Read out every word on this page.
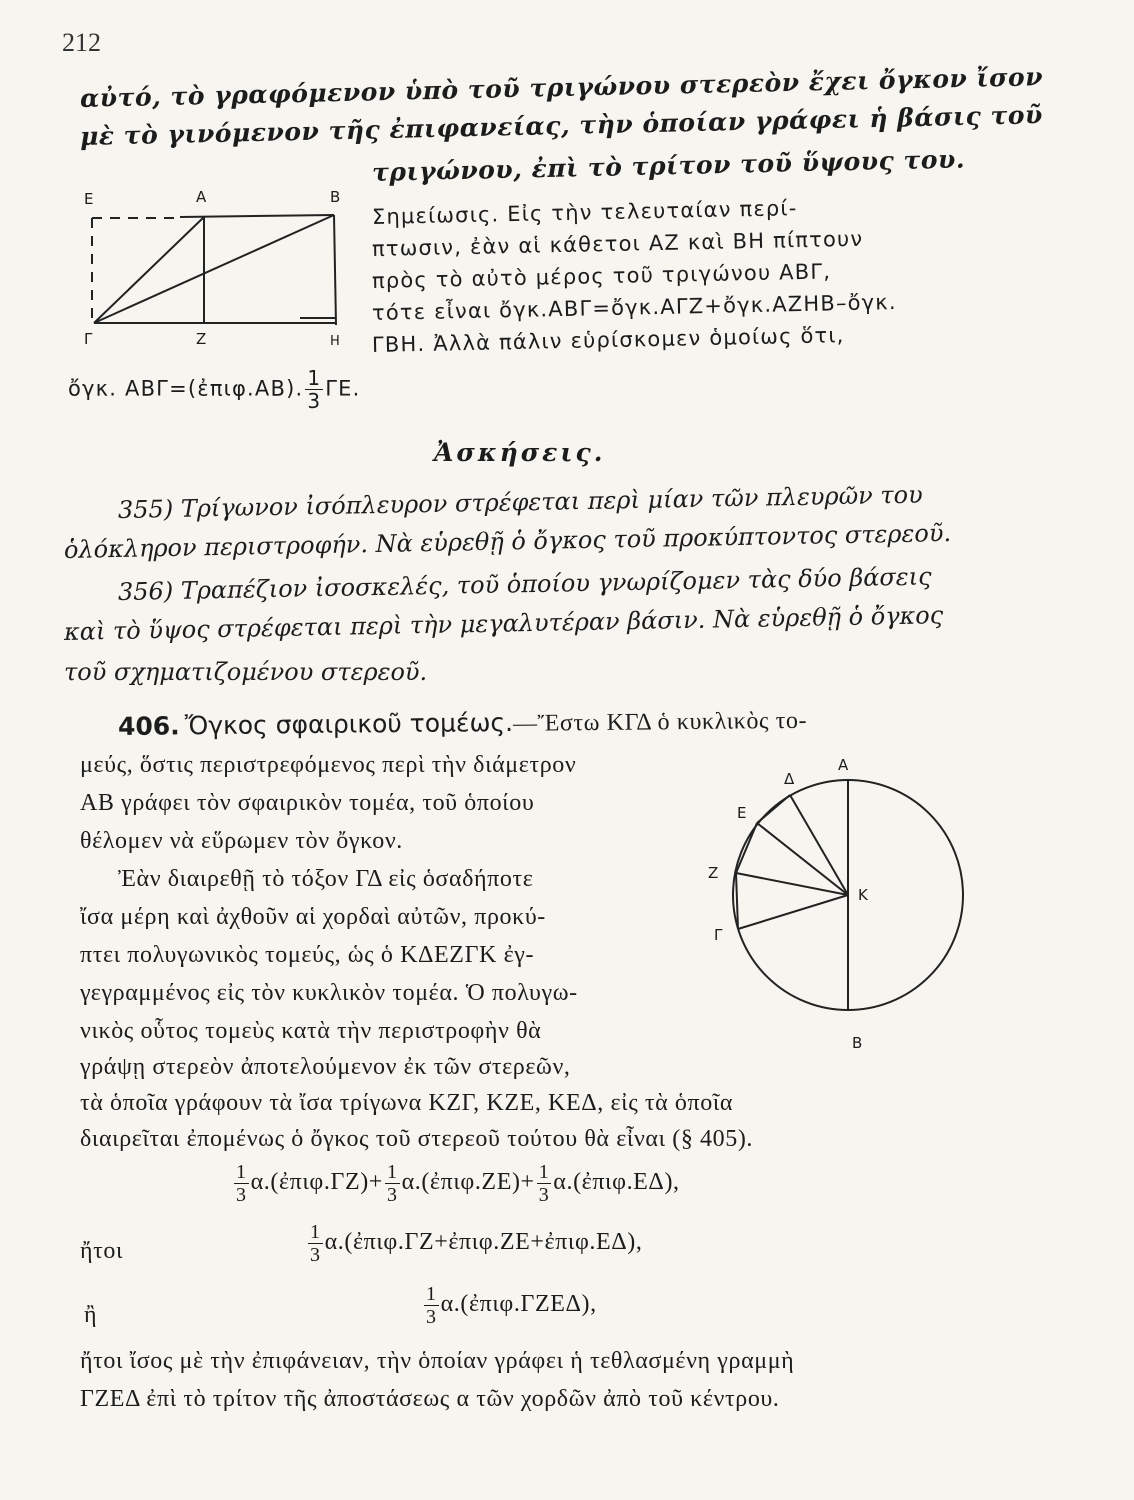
212
αὐτό, τὸ γραφόμενον ὑπὸ τοῦ τριγώνου στερεὸν ἔχει ὄγκον ἴσον
μὲ τὸ γινόμενον τῆς ἐπιφανείας, τὴν ὁποίαν γράφει ἡ βάσις τοῦ
τριγώνου, ἐπὶ τὸ τρίτον τοῦ ὕψους του.
E	A	B
Γ	Z	H
Σημείωσις. Εἰς τὴν τελευταίαν περί-
πτωσιν, ἐὰν αἱ κάθετοι ΑΖ καὶ ΒΗ πίπτουν
πρὸς τὸ αὐτὸ μέρος τοῦ τριγώνου ΑΒΓ,
τότε εἶναι ὄγκ.ΑΒΓ=ὄγκ.ΑΓΖ+ὄγκ.ΑΖΗΒ–ὄγκ.
ΓΒΗ. Ἀλλὰ πάλιν εὑρίσκομεν ὁμοίως ὅτι,
ὄγκ. ΑΒΓ=(ἐπιφ.ΑΒ). $\frac{1}{3} \Gamma E$.
Ἀσκήσεις.
355) Τρίγωνον ἰσόπλευρον στρέφεται περὶ μίαν τῶν πλευρῶν του
ὁλόκληρον περιστροφήν. Νὰ εὑρεθῇ ὁ ὄγκος τοῦ προκύπτοντος στερεοῦ.
356) Τραπέζιον ἰσοσκελές, τοῦ ὁποίου γνωρίζομεν τὰς δύο βάσεις
καὶ τὸ ὕψος στρέφεται περὶ τὴν μεγαλυτέραν βάσιν. Νὰ εὑρεθῇ ὁ ὄγκος
τοῦ σχηματιζομένου στερεοῦ.
406. Ὄγκος σφαιρικοῦ τομέως.—Ἔστω ΚΓΔ ὁ κυκλικὸς το-
μεύς, ὅστις περιστρεφόμενος περὶ τὴν διάμετρον
ΑΒ γράφει τὸν σφαιρικὸν τομέα, τοῦ ὁποίου
θέλομεν νὰ εὕρωμεν τὸν ὄγκον.
Ἐὰν διαιρεθῇ τὸ τόξον ΓΔ εἰς ὁσαδήποτε
ἴσα μέρη καὶ ἀχθοῦν αἱ χορδαὶ αὐτῶν, προκύ-
πτει πολυγωνικὸς τομεύς, ὡς ὁ ΚΔΕΖΓΚ ἐγ-
γεγραμμένος εἰς τὸν κυκλικὸν τομέα. Ὁ πολυγω-
νικὸς οὗτος τομεὺς κατὰ τὴν περιστροφὴν θὰ
γράψῃ στερεὸν ἀποτελούμενον ἐκ τῶν στερεῶν,
τὰ ὁποῖα γράφουν τὰ ἴσα τρίγωνα ΚΖΓ, ΚΖΕ, ΚΕΔ, εἰς τὰ ὁποῖα
διαιρεῖται ἐπομένως ὁ ὄγκος τοῦ στερεοῦ τούτου θὰ εἶναι (§ 405).
Δ
A
E
Z
K
Γ
B
$\frac{1}{3}$ α.(ἐπιφ.ΓΖ)+ $\frac{1}{3}$ α.(ἐπιφ.ΖΕ)+ $\frac{1}{3}$ α.(ἐπιφ.ΕΔ),
ἤτοι	$\frac{1}{3}$ α.(ἐπιφ.ΓΖ+ἐπιφ.ΖΕ+ἐπιφ.ΕΔ),
ἢ	$\frac{1}{3}$ α.(ἐπιφ.ΓΖΕΔ),
ἤτοι ἴσος μὲ τὴν ἐπιφάνειαν, τὴν ὁποίαν γράφει ἡ τεθλασμένη γραμμὴ
ΓΖΕΔ ἐπὶ τὸ τρίτον τῆς ἀποστάσεως α τῶν χορδῶν ἀπὸ τοῦ κέντρου.
